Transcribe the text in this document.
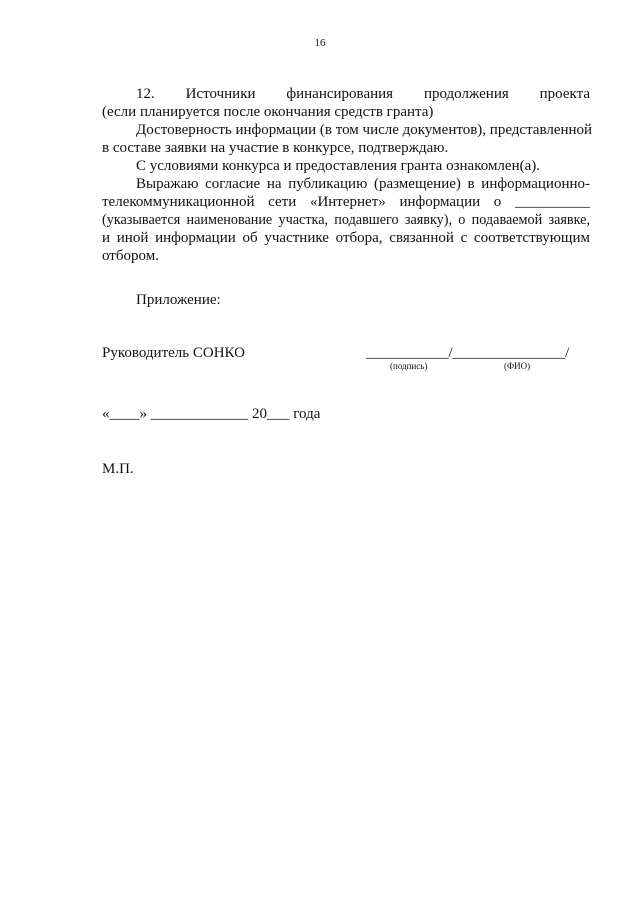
16
12. Источники финансирования продолжения проекта
(если планируется после окончания средств гранта)
Достоверность информации (в том числе документов), представленной
в составе заявки на участие в конкурсе, подтверждаю.
С условиями конкурса и предоставления гранта ознакомлен(а).
Выражаю согласие на публикацию (размещение) в информационно-
телекоммуникационной сети «Интернет» информации о __________
(указывается наименование участка, подавшего заявку), о подаваемой заявке,
и иной информации об участнике отбора, связанной с соответствующим
отбором.
Приложение:
Руководитель СОНКО	___________/_______________/
(подпись)	(ФИО)
«____» _____________ 20___ года
М.П.
